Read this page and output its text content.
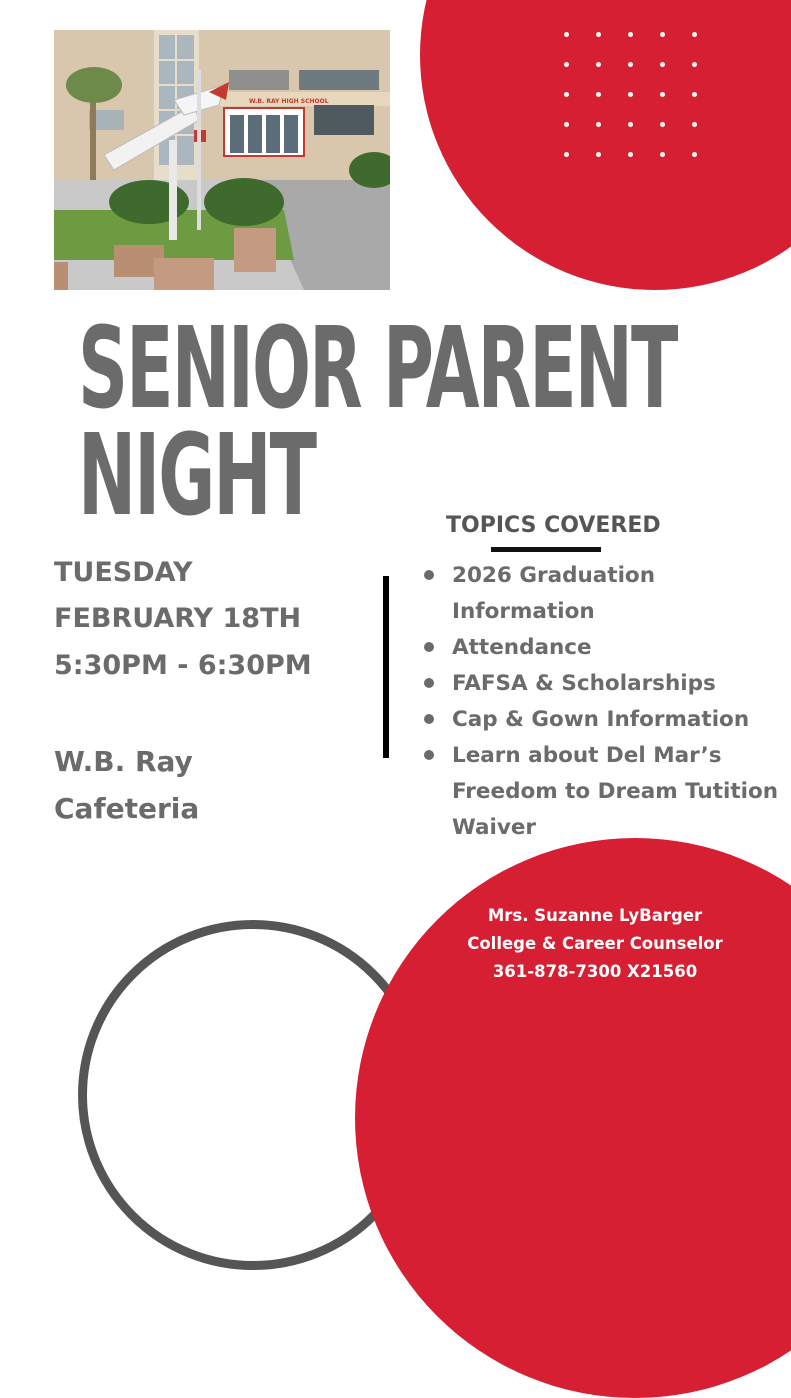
W.B. RAY HIGH SCHOOL
SENIOR PARENT
NIGHT
TUESDAY
FEBRUARY 18TH
5:30PM - 6:30PM
W.B. Ray
Cafeteria
TOPICS COVERED
2026 Graduation Information
Attendance
FAFSA & Scholarships
Cap & Gown Information
Learn about Del Mar’s Freedom to Dream Tutition Waiver
Mrs. Suzanne LyBarger
College & Career Counselor
361-878-7300 X21560
